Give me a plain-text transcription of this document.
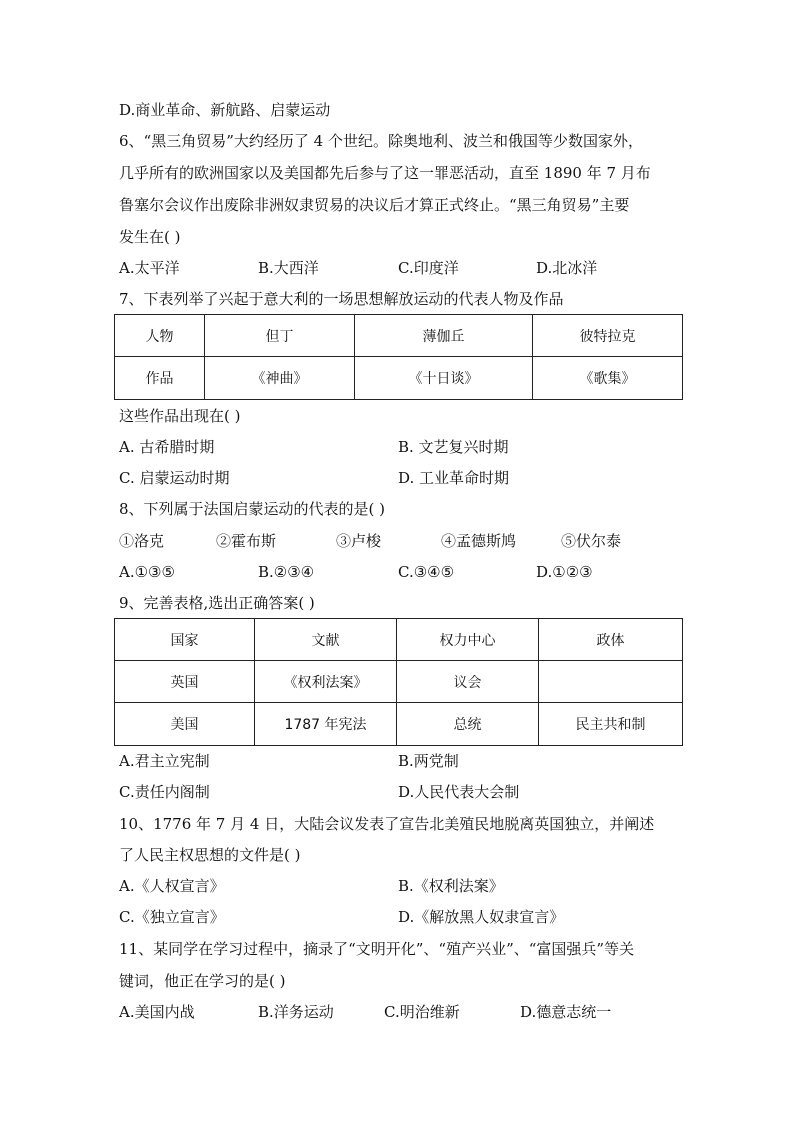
D.商业革命、新航路、启蒙运动
6、“黑三角贸易”大约经历了 4 个世纪。除奥地利、波兰和俄国等少数国家外，
几乎所有的欧洲国家以及美国都先后参与了这一罪恶活动，直至 1890 年 7 月布
鲁塞尔会议作出废除非洲奴隶贸易的决议后才算正式终止。“黑三角贸易”主要
发生在( )
A.太平洋	B.大西洋	C.印度洋	D.北冰洋
7、下表列举了兴起于意大利的一场思想解放运动的代表人物及作品
人物	但丁	薄伽丘	彼特拉克
作品	《神曲》	《十日谈》	《歌集》
这些作品出现在( )
A. 古希腊时期	B. 文艺复兴时期
C. 启蒙运动时期	D. 工业革命时期
8、下列属于法国启蒙运动的代表的是( )
①洛克	②霍布斯	③卢梭	④孟德斯鸠	⑤伏尔泰
A.①③⑤	B.②③④	C.③④⑤	D.①②③
9、完善表格,选出正确答案( )
国家	文献	权力中心	政体
英国	《权利法案》	议会	
美国	1787 年宪法	总统	民主共和制
A.君主立宪制	B.两党制
C.责任内阁制	D.人民代表大会制
10、1776 年 7 月 4 日，大陆会议发表了宣告北美殖民地脱离英国独立，并阐述
了人民主权思想的文件是( )
A.《人权宣言》	B.《权利法案》
C.《独立宣言》	D.《解放黑人奴隶宣言》
11、某同学在学习过程中，摘录了“文明开化”、“殖产兴业”、“富国强兵”等关
键词，他正在学习的是( )
A.美国内战	B.洋务运动	C.明治维新	D.德意志统一
